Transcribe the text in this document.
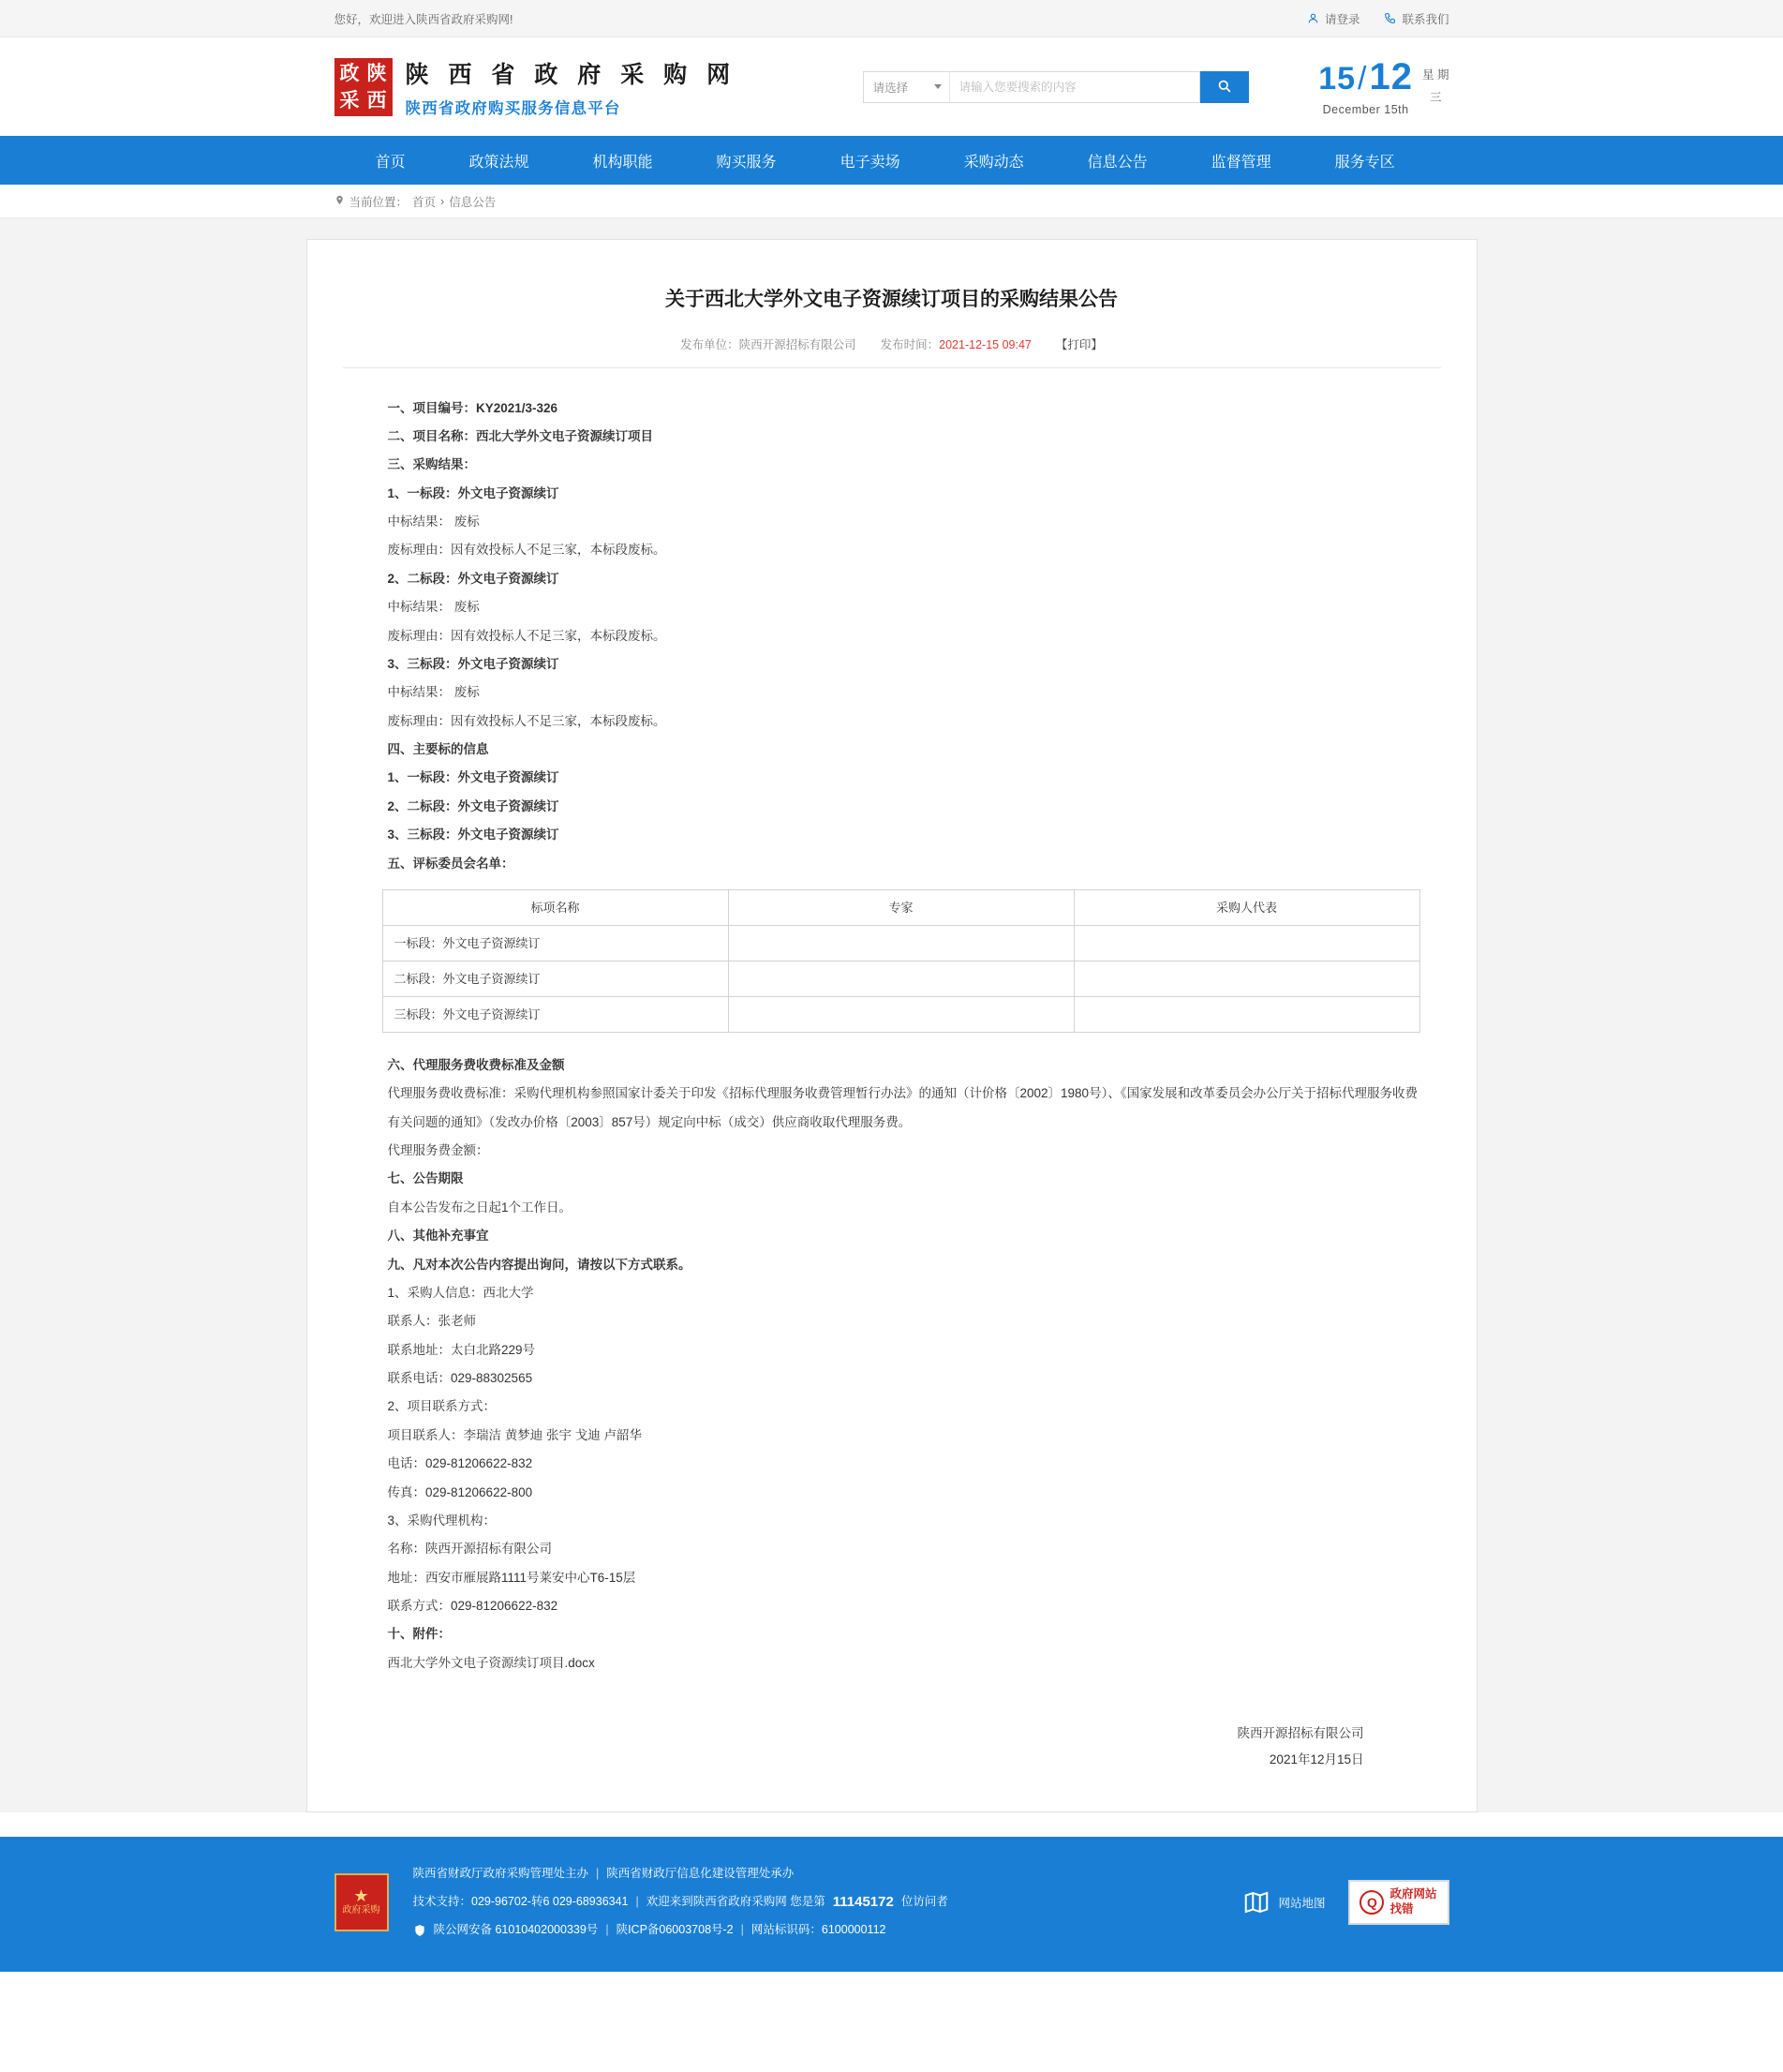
您好，欢迎进入陕西省政府采购网!	请登录	联系我们
政 陕
采 西
陕 西 省 政 府 采 购 网
陕西省政府购买服务信息平台
请选择
请输入您要搜索的内容	15/12
December 15th
星 期
三
首页	政策法规	机构职能	购买服务	电子卖场	采购动态	信息公告	监督管理	服务专区
当前位置： 首页 › 信息公告
关于西北大学外文电子资源续订项目的采购结果公告
发布单位：陕西开源招标有限公司 发布时间：2021-12-15 09:47 【打印】

一、项目编号：KY2021/3-326

二、项目名称：西北大学外文电子资源续订项目

三、采购结果：

1、一标段：外文电子资源续订

中标结果： 废标

废标理由：因有效投标人不足三家，本标段废标。

2、二标段：外文电子资源续订

中标结果： 废标

废标理由：因有效投标人不足三家，本标段废标。

3、三标段：外文电子资源续订

中标结果： 废标

废标理由：因有效投标人不足三家，本标段废标。

四、主要标的信息

1、一标段：外文电子资源续订

2、二标段：外文电子资源续订

3、三标段：外文电子资源续订

五、评标委员会名单：

标项名称	专家	采购人代表
一标段：外文电子资源续订		
二标段：外文电子资源续订		
三标段：外文电子资源续订		

六、代理服务费收费标准及金额

代理服务费收费标准：采购代理机构参照国家计委关于印发《招标代理服务收费管理暂行办法》的通知（计价格〔2002〕1980号）、《国家发展和改革委员会办公厅关于招标代理服务收费有关问题的通知》（发改办价格〔2003〕857号）规定向中标（成交）供应商收取代理服务费。

代理服务费金额：

七、公告期限

自本公告发布之日起1个工作日。

八、其他补充事宜

九、凡对本次公告内容提出询问，请按以下方式联系。

1、采购人信息：西北大学

联系人：张老师

联系地址：太白北路229号

联系电话：029-88302565

2、项目联系方式：

项目联系人：李瑞洁 黄梦迪 张宇 戈迪 卢韶华

电话：029-81206622-832

传真：029-81206622-800

3、采购代理机构：

名称：陕西开源招标有限公司

地址：西安市雁展路1111号莱安中心T6-15层

联系方式：029-81206622-832

十、附件：

西北大学外文电子资源续订项目.docx

陕西开源招标有限公司
2021年12月15日
★
政府采购
陕西省财政厅政府采购管理处主办 | 陕西省财政厅信息化建设管理处承办
技术支持：029-96702-转6 029-68936341 | 欢迎来到陕西省政府采购网 您是第 11145172 位访问者
陕公网安备 61010402000339号 | 陕ICP备06003708号-2 | 网站标识码：6100000112
网站地图	Q
政府网站
找错
